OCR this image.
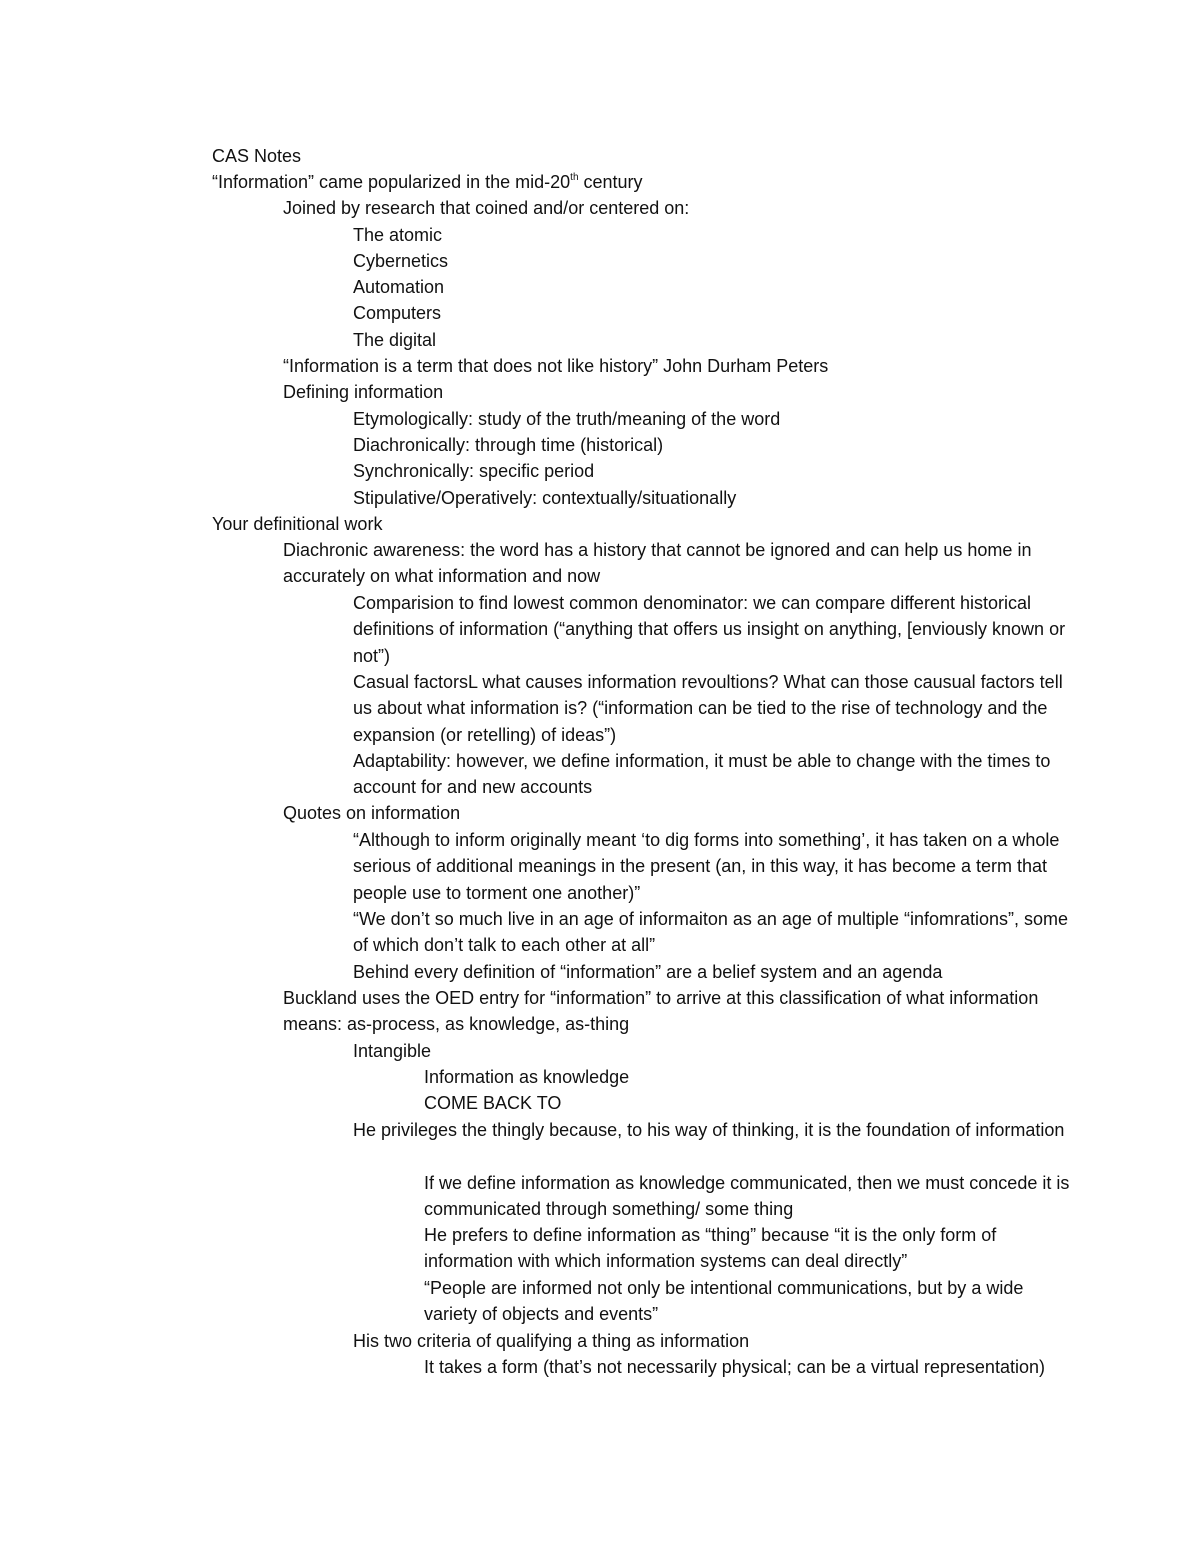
CAS Notes
“Information” came popularized in the mid-20th century
Joined by research that coined and/or centered on:
The atomic
Cybernetics
Automation
Computers
The digital
“Information is a term that does not like history” John Durham Peters
Defining information
Etymologically: study of the truth/meaning of the word
Diachronically: through time (historical)
Synchronically: specific period
Stipulative/Operatively: contextually/situationally
Your definitional work
Diachronic awareness: the word has a history that cannot be ignored and can help us home in accurately on what information and now
Comparision to find lowest common denominator: we can compare different historical definitions of information (“anything that offers us insight on anything, [enviously known or not”)
Casual factorsL what causes information revoultions? What can those causual factors tell us about what information is? (“information can be tied to the rise of technology and the expansion (or retelling) of ideas”)
Adaptability: however, we define information, it must be able to change with the times to account for and new accounts
Quotes on information
“Although to inform originally meant ‘to dig forms into something’, it has taken on a whole serious of additional meanings in the present (an, in this way, it has become a term that people use to torment one another)”
“We don’t so much live in an age of informaiton as an age of multiple “infomrations”, some of which don’t talk to each other at all”
Behind every definition of “information” are a belief system and an agenda
Buckland uses the OED entry for “information” to arrive at this classification of what information means: as-process, as knowledge, as-thing
Intangible
Information as knowledge
COME BACK TO
He privileges the thingly because, to his way of thinking, it is the foundation of information
If we define information as knowledge communicated, then we must concede it is communicated through something/ some thing
He prefers to define information as “thing” because “it is the only form of information with which information systems can deal directly”
“People are informed not only be intentional communications, but by a wide variety of objects and events”
His two criteria of qualifying a thing as information
It takes a form (that’s not necessarily physical; can be a virtual representation)
